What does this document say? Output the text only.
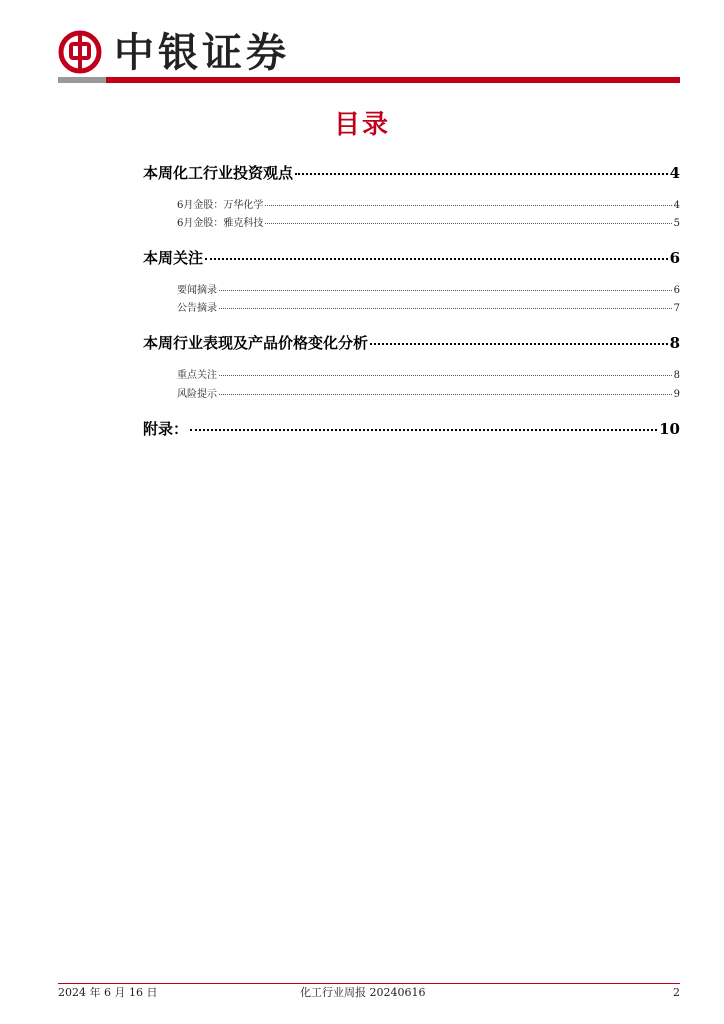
中银证券
目录
本周化工行业投资观点	4
6月金股：万华化学	4
6月金股：雅克科技	5
本周关注	6
要闻摘录	6
公告摘录	7
本周行业表现及产品价格变化分析	8
重点关注	8
风险提示	9
附录：	10
2024 年 6 月 16 日	化工行业周报 20240616	2
